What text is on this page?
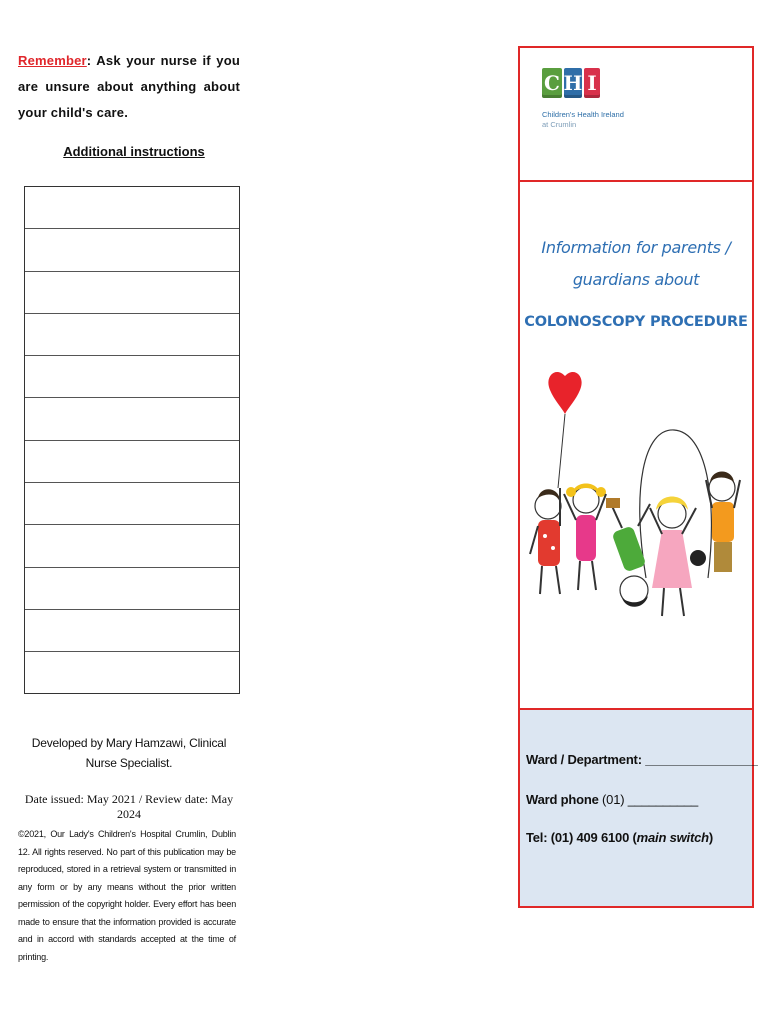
Remember: Ask your nurse if you are unsure about anything about your child's care.
Additional instructions
Developed by Mary Hamzawi, Clinical Nurse Specialist.
Date issued: May 2021 / Review date: May 2024
©2021, Our Lady's Children's Hospital Crumlin, Dublin 12. All rights reserved. No part of this publication may be reproduced, stored in a retrieval system or transmitted in any form or by any means without the prior written permission of the copyright holder. Every effort has been made to ensure that the information provided is accurate and in accord with standards accepted at the time of printing.
C H I
Children's Health Ireland
at Crumlin
Information for parents /
guardians about
COLONOSCOPY PROCEDURE
Ward / Department: ________________
Ward phone (01) __________
Tel: (01) 409 6100 (main switch)
